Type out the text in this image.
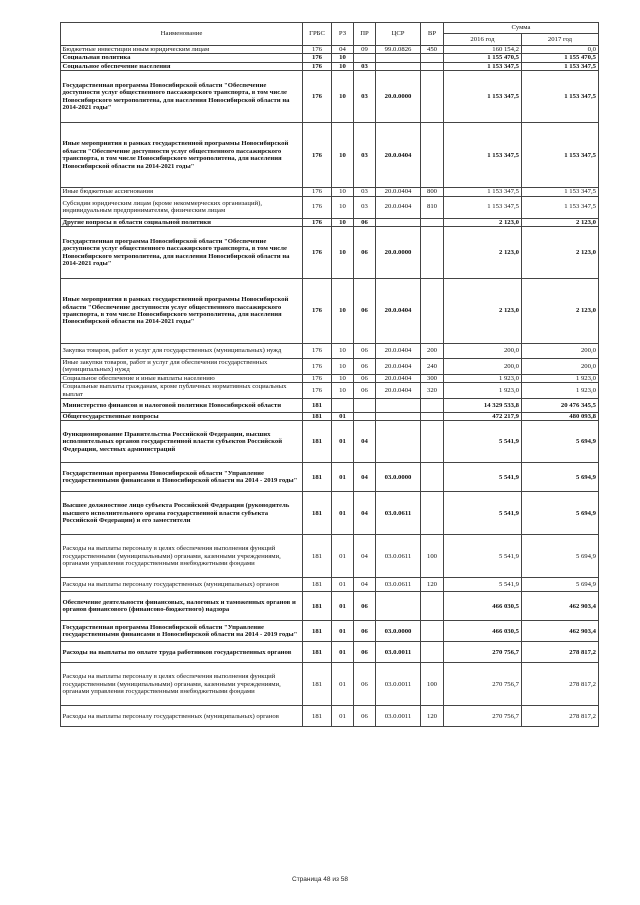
Наименование	ГРБС	РЗ	ПР	ЦСР	ВР	Сумма	
						2016 год	2017 год
Бюджетные инвестиции иным юридическим лицам	176	04	09	99.0.0826	450	160 154,2	0,0
Социальная политика	176	10				1 155 470,5	1 155 470,5
Социальное обеспечение населения	176	10	03			1 153 347,5	1 153 347,5
Государственная программа Новосибирской области "Обеспечение доступности услуг общественного пассажирского транспорта, в том числе Новосибирского метрополитена, для населения Новосибирской области на 2014-2021 годы"	176	10	03	20.0.0000		1 153 347,5	1 153 347,5
Иные мероприятия в рамках государственной программы Новосибирской области "Обеспечение доступности услуг общественного пассажирского транспорта, в том числе Новосибирского метрополитена, для населения Новосибирской области на 2014-2021 годы"	176	10	03	20.0.0404		1 153 347,5	1 153 347,5
Иные бюджетные ассигнования	176	10	03	20.0.0404	800	1 153 347,5	1 153 347,5
Субсидии юридическим лицам (кроме некоммерческих организаций), индивидуальным предпринимателям, физическим лицам	176	10	03	20.0.0404	810	1 153 347,5	1 153 347,5
Другие вопросы в области социальной политики	176	10	06			2 123,0	2 123,0
Государственная программа Новосибирской области "Обеспечение доступности услуг общественного пассажирского транспорта, в том числе Новосибирского метрополитена, для населения Новосибирской области на 2014-2021 годы"	176	10	06	20.0.0000		2 123,0	2 123,0
Иные мероприятия в рамках государственной программы Новосибирской области "Обеспечение доступности услуг общественного пассажирского транспорта, в том числе Новосибирского метрополитена, для населения Новосибирской области на 2014-2021 годы"	176	10	06	20.0.0404		2 123,0	2 123,0
Закупка товаров, работ и услуг для государственных (муниципальных) нужд	176	10	06	20.0.0404	200	200,0	200,0
Иные закупки товаров, работ и услуг для обеспечения государственных (муниципальных) нужд	176	10	06	20.0.0404	240	200,0	200,0
Социальное обеспечение и иные выплаты населению	176	10	06	20.0.0404	300	1 923,0	1 923,0
Социальные выплаты гражданам, кроме публичных нормативных социальных выплат	176	10	06	20.0.0404	320	1 923,0	1 923,0
Министерство финансов и налоговой политики Новосибирской области	181					14 329 533,8	20 476 345,5
Общегосударственные вопросы	181	01				472 217,9	480 093,8
Функционирование Правительства Российской Федерации, высших исполнительных органов государственной власти субъектов Российской Федерации, местных администраций	181	01	04			5 541,9	5 694,9
Государственная программа Новосибирской области "Управление государственными финансами в Новосибирской области на 2014 - 2019 годы"	181	01	04	03.0.0000		5 541,9	5 694,9
Высшее должностное лицо субъекта Российской Федерации (руководитель высшего исполнительного органа государственной власти субъекта Российской Федерации) и его заместители	181	01	04	03.0.0611		5 541,9	5 694,9
Расходы на выплаты персоналу в целях обеспечения выполнения функций государственными (муниципальными) органами, казенными учреждениями, органами управления государственными внебюджетными фондами	181	01	04	03.0.0611	100	5 541,9	5 694,9
Расходы на выплаты персоналу государственных (муниципальных) органов	181	01	04	03.0.0611	120	5 541,9	5 694,9
Обеспечение деятельности финансовых, налоговых и таможенных органов и органов финансового (финансово-бюджетного) надзора	181	01	06			466 030,5	462 903,4
Государственная программа Новосибирской области "Управление государственными финансами в Новосибирской области на 2014 - 2019 годы"	181	01	06	03.0.0000		466 030,5	462 903,4
Расходы на выплаты по оплате труда работников государственных органов	181	01	06	03.0.0011		270 756,7	278 817,2
Расходы на выплаты персоналу в целях обеспечения выполнения функций государственными (муниципальными) органами, казенными учреждениями, органами управления государственными внебюджетными фондами	181	01	06	03.0.0011	100	270 756,7	278 817,2
Расходы на выплаты персоналу государственных (муниципальных) органов	181	01	06	03.0.0011	120	270 756,7	278 817,2
Страница 48 из 58
